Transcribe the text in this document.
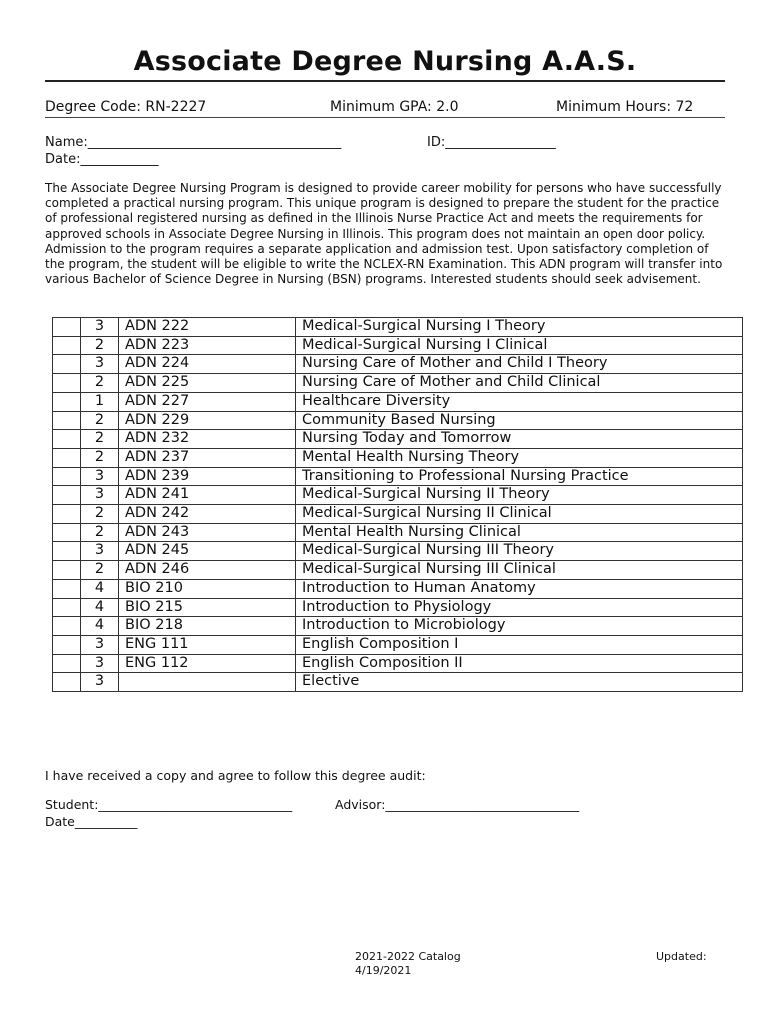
Associate Degree Nursing A.A.S.
Degree Code: RN-2227	Minimum GPA: 2.0	Minimum Hours: 72
Name:_______________________________________	ID:_________________
Date:____________
The Associate Degree Nursing Program is designed to provide career mobility for persons who have successfully completed a practical nursing program. This unique program is designed to prepare the student for the practice of professional registered nursing as defined in the Illinois Nurse Practice Act and meets the requirements for approved schools in Associate Degree Nursing in Illinois. This program does not maintain an open door policy. Admission to the program requires a separate application and admission test. Upon satisfactory completion of the program, the student will be eligible to write the NCLEX-RN Examination. This ADN program will transfer into various Bachelor of Science Degree in Nursing (BSN) programs. Interested students should seek advisement.
	3	ADN 222	Medical-Surgical Nursing I Theory
	2	ADN 223	Medical-Surgical Nursing I Clinical
	3	ADN 224	Nursing Care of Mother and Child I Theory
	2	ADN 225	Nursing Care of Mother and Child Clinical
	1	ADN 227	Healthcare Diversity
	2	ADN 229	Community Based Nursing
	2	ADN 232	Nursing Today and Tomorrow
	2	ADN 237	Mental Health Nursing Theory
	3	ADN 239	Transitioning to Professional Nursing Practice
	3	ADN 241	Medical-Surgical Nursing II Theory
	2	ADN 242	Medical-Surgical Nursing II Clinical
	2	ADN 243	Mental Health Nursing Clinical
	3	ADN 245	Medical-Surgical Nursing III Theory
	2	ADN 246	Medical-Surgical Nursing III Clinical
	4	BIO 210	Introduction to Human Anatomy
	4	BIO 215	Introduction to Physiology
	4	BIO 218	Introduction to Microbiology
	3	ENG 111	English Composition I
	3	ENG 112	English Composition II
	3		Elective
I have received a copy and agree to follow this degree audit:
Student:_______________________________	Advisor:_______________________________
Date__________
2021-2022 Catalog
4/19/2021
Updated:
